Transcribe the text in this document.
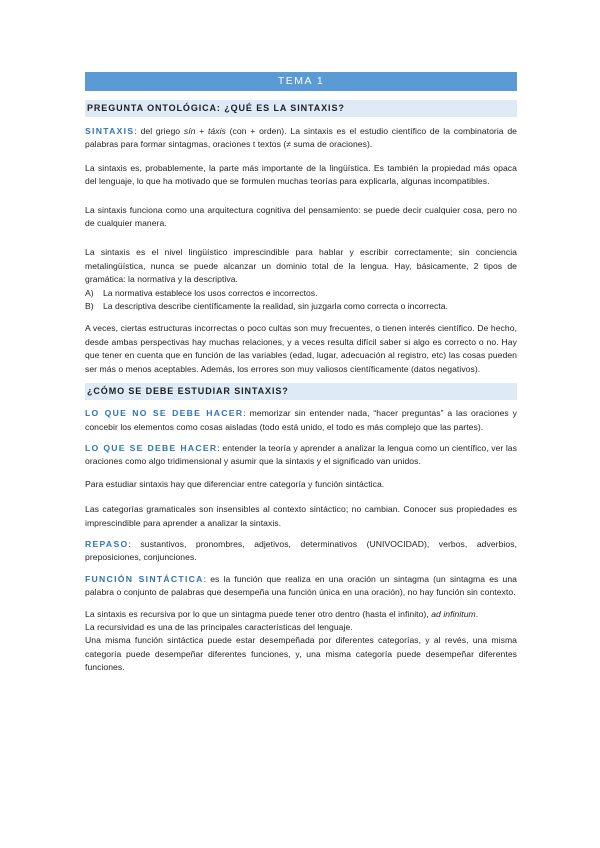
TEMA 1
PREGUNTA ONTOLÓGICA: ¿QUÉ ES LA SINTAXIS?

SINTAXIS: del griego sín + táxis (con + orden). La sintaxis es el estudio científico de la combinatoria de palabras para formar sintagmas, oraciones t textos (≠ suma de oraciones).

La sintaxis es, probablemente, la parte más importante de la lingüística. Es también la propiedad más opaca del lenguaje, lo que ha motivado que se formulen muchas teorías para explicarla, algunas incompatibles.

La sintaxis funciona como una arquitectura cognitiva del pensamiento: se puede decir cualquier cosa, pero no de cualquier manera.

La sintaxis es el nivel lingüístico imprescindible para hablar y escribir correctamente; sin conciencia metalingüística, nunca se puede alcanzar un dominio total de la lengua. Hay, básicamente, 2 tipos de gramática: la normativa y la descriptiva.

A)	La normativa establece los usos correctos e incorrectos.
B)	La descriptiva describe científicamente la realidad, sin juzgarla como correcta o incorrecta.

A veces, ciertas estructuras incorrectas o poco cultas son muy frecuentes, o tienen interés científico. De hecho, desde ambas perspectivas hay muchas relaciones, y a veces resulta difícil saber si algo es correcto o no. Hay que tener en cuenta que en función de las variables (edad, lugar, adecuación al registro, etc) las cosas pueden ser más o menos aceptables. Además, los errores son muy valiosos científicamente (datos negativos).

¿CÓMO SE DEBE ESTUDIAR SINTAXIS?

LO QUE NO SE DEBE HACER: memorizar sin entender nada, “hacer preguntas” a las oraciones y concebir los elementos como cosas aisladas (todo está unido, el todo es más complejo que las partes).

LO QUE SE DEBE HACER: entender la teoría y aprender a analizar la lengua como un científico, ver las oraciones como algo tridimensional y asumir que la sintaxis y el significado van unidos.

Para estudiar sintaxis hay que diferenciar entre categoría y función sintáctica.

Las categorías gramaticales son insensibles al contexto sintáctico; no cambian. Conocer sus propiedades es imprescindible para aprender a analizar la sintaxis.

REPASO: sustantivos, pronombres, adjetivos, determinativos (UNIVOCIDAD), verbos, adverbios, preposiciones, conjunciones.

FUNCIÓN SINTÁCTICA: es la función que realiza en una oración un sintagma (un sintagma es una palabra o conjunto de palabras que desempeña una función única en una oración), no hay función sin contexto.

La sintaxis es recursiva por lo que un sintagma puede tener otro dentro (hasta el infinito), ad infinitum.

La recursividad es una de las principales características del lenguaje.

Una misma función sintáctica puede estar desempeñada por diferentes categorías, y al revés, una misma categoría puede desempeñar diferentes funciones, y, una misma categoría puede desempeñar diferentes funciones.
